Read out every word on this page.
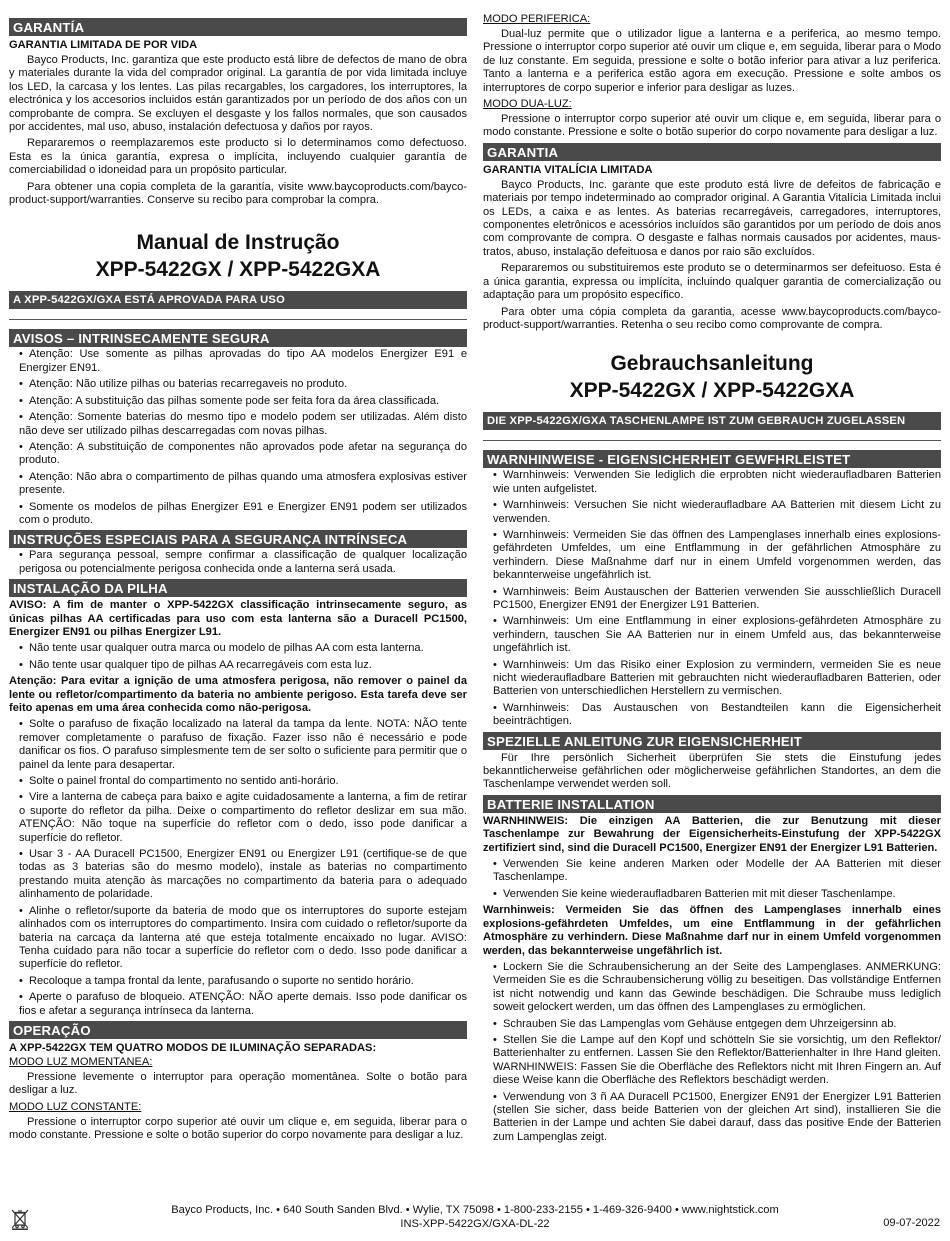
GARANTÍA
GARANTIA LIMITADA DE POR VIDA

Bayco Products, Inc. garantiza que este producto está libre de defectos de mano de obra y materiales durante la vida del comprador original. La garantía de por vida limitada incluye los LED, la carcasa y los lentes. Las pilas recargables, los cargadores, los interruptores, la electrónica y los accesorios incluidos están garantizados por un período de dos años con un comprobante de compra. Se excluyen el desgaste y los fallos normales, que son causados por accidentes, mal uso, abuso, instalación defectuosa y daños por rayos.

Repararemos o reemplazaremos este producto si lo determinamos como defectuoso. Esta es la única garantía, expresa o implícita, incluyendo cualquier garantía de comerciabilidad o idoneidad para un propósito particular.

Para obtener una copia completa de la garantía, visite www.baycoproducts.com/bayco-product-support/warranties. Conserve su recibo para comprobar la compra.

Manual de Instrução
XPP-5422GX / XPP-5422GXA
A XPP-5422GX/GXA ESTÁ APROVADA PARA USO
AVISOS – INTRINSECAMENTE SEGURA
• Atenção: Use somente as pilhas aprovadas do tipo AA modelos Energizer E91 e Energizer EN91.
• Atenção: Não utilize pilhas ou baterias recarregaveis no produto.
• Atenção: A substituição das pilhas somente pode ser feita fora da área classificada.
• Atenção: Somente baterias do mesmo tipo e modelo podem ser utilizadas. Além disto não deve ser utilizado pilhas descarregadas com novas pilhas.
• Atenção: A substituição de componentes não aprovados pode afetar na segurança do produto.
• Atenção: Não abra o compartimento de pilhas quando uma atmosfera explosivas estiver presente.
• Somente os modelos de pilhas Energizer E91 e Energizer EN91 podem ser utilizados com o produto.
INSTRUÇÕES ESPECIAIS PARA A SEGURANÇA INTRÍNSECA
• Para segurança pessoal, sempre confirmar a classificação de qualquer localização perigosa ou potencialmente perigosa conhecida onde a lanterna será usada.
INSTALAÇÃO DA PILHA

AVISO: A fim de manter o XPP-5422GX classificação intrinsecamente seguro, as únicas pilhas AA certificadas para uso com esta lanterna são a Duracell PC1500, Energizer EN91 ou pilhas Energizer L91.

• Não tente usar qualquer outra marca ou modelo de pilhas AA com esta lanterna.
• Não tente usar qualquer tipo de pilhas AA recarregáveis com esta luz.

Atenção: Para evitar a ignição de uma atmosfera perigosa, não remover o painel da lente ou refletor/compartimento da bateria no ambiente perigoso. Esta tarefa deve ser feito apenas em uma área conhecida como não-perigosa.

• Solte o parafuso de fixação localizado na lateral da tampa da lente. NOTA: NÃO tente remover completamente o parafuso de fixação. Fazer isso não é necessário e pode danificar os fios. O parafuso simplesmente tem de ser solto o suficiente para permitir que o painel da lente para desapertar.
• Solte o painel frontal do compartimento no sentido anti-horário.
• Vire a lanterna de cabeça para baixo e agite cuidadosamente a lanterna, a fim de retirar o suporte do refletor da pilha. Deixe o compartimento do refletor deslizar em sua mão. ATENÇÃO: Não toque na superfície do refletor com o dedo, isso pode danificar a superfície do refletor.
• Usar 3 - AA Duracell PC1500, Energizer EN91 ou Energizer L91 (certifique-se de que todas as 3 baterias são do mesmo modelo), instale as baterias no compartimento prestando muita atenção às marcações no compartimento da bateria para o adequado alinhamento de polaridade.
• Alinhe o refletor/suporte da bateria de modo que os interruptores do suporte estejam alinhados com os interruptores do compartimento. Insira com cuidado o refletor/suporte da bateria na carcaça da lanterna até que esteja totalmente encaixado no lugar. AVISO: Tenha cuidado para não tocar a superfície do refletor com o dedo. Isso pode danificar a superfície do refletor.
• Recoloque a tampa frontal da lente, parafusando o suporte no sentido horário.
• Aperte o parafuso de bloqueio. ATENÇÃO: NÃO aperte demais. Isso pode danificar os fios e afetar a segurança intrínseca da lanterna.
OPERAÇÃO
A XPP-5422GX TEM QUATRO MODOS DE ILUMINAÇÃO SEPARADAS:
MODO LUZ MOMENTANEA:

Pressione levemente o interruptor para operação momentânea. Solte o botão para desligar a luz.

MODO LUZ CONSTANTE:

Pressione o interruptor corpo superior até ouvir um clique e, em seguida, liberar para o modo constante. Pressione e solte o botão superior do corpo novamente para desligar a luz.

MODO PERIFERICA:

Dual-luz permite que o utilizador ligue a lanterna e a periferica, ao mesmo tempo. Pressione o interruptor corpo superior até ouvir um clique e, em seguida, liberar para o Modo de luz constante. Em seguida, pressione e solte o botão inferior para ativar a luz periferica. Tanto a lanterna e a periferica estão agora em execução. Pressione e solte ambos os interruptores de corpo superior e inferior para desligar as luzes.

MODO DUA-LUZ:

Pressione o interruptor corpo superior até ouvir um clique e, em seguida, liberar para o modo constante. Pressione e solte o botão superior do corpo novamente para desligar a luz.

GARANTIA
GARANTIA VITALÍCIA LIMITADA

Bayco Products, Inc. garante que este produto está livre de defeitos de fabricação e materiais por tempo indeterminado ao comprador original. A Garantia Vitalícia Limitada inclui os LEDs, a caixa e as lentes. As baterias recarregáveis, carregadores, interruptores, componentes eletrônicos e acessórios incluídos são garantidos por um período de dois anos com comprovante de compra. O desgaste e falhas normais causados por acidentes, maus-tratos, abuso, instalação defeituosa e danos por raio são excluídos.

Repararemos ou substituiremos este produto se o determinarmos ser defeituoso. Esta é a única garantia, expressa ou implícita, incluindo qualquer garantia de comercialização ou adaptação para um propósito específico.

Para obter uma cópia completa da garantia, acesse www.baycoproducts.com/bayco-product-support/warranties. Retenha o seu recibo como comprovante de compra.

Gebrauchsanleitung
XPP-5422GX / XPP-5422GXA
DIE XPP-5422GX/GXA TASCHENLAMPE IST ZUM GEBRAUCH ZUGELASSEN
WARNHINWEISE - EIGENSICHERHEIT GEWFHRLEISTET
• Warnhinweis: Verwenden Sie lediglich die erprobten nicht wiederaufladbaren Batterien wie unten aufgelistet.
• Warnhinweis: Versuchen Sie nicht wiederaufladbare AA Batterien mit diesem Licht zu verwenden.
• Warnhinweis: Vermeiden Sie das öffnen des Lampenglases innerhalb eines explosions-gefährdeten Umfeldes, um eine Entflammung in der gefährlichen Atmosphäre zu verhindern. Diese Maßnahme darf nur in einem Umfeld vorgenommen werden, das bekannterweise ungefährlich ist.
• Warnhinweis: Beim Austauschen der Batterien verwenden Sie ausschließlich Duracell PC1500, Energizer EN91 der Energizer L91 Batterien.
• Warnhinweis: Um eine Entflammung in einer explosions-gefährdeten Atmosphäre zu verhindern, tauschen Sie AA Batterien nur in einem Umfeld aus, das bekannterweise ungefährlich ist.
• Warnhinweis: Um das Risiko einer Explosion zu vermindern, vermeiden Sie es neue nicht wiederaufladbare Batterien mit gebrauchten nicht wiederaufladbaren Batterien, oder Batterien von unterschiedlichen Herstellern zu vermischen.
• Warnhinweis: Das Austauschen von Bestandteilen kann die Eigensicherheit beeinträchtigen.
SPEZIELLE ANLEITUNG ZUR EIGENSICHERHEIT

Für Ihre persönlich Sicherheit überprüfen Sie stets die Einstufung jedes bekanntlicherweise gefährlichen oder möglicherweise gefährlichen Standortes, an dem die Taschenlampe verwendet werden soll.

BATTERIE INSTALLATION

WARNHINWEIS: Die einzigen AA Batterien, die zur Benutzung mit dieser Taschenlampe zur Bewahrung der Eigensicherheits-Einstufung der XPP-5422GX zertifiziert sind, sind die Duracell PC1500, Energizer EN91 der Energizer L91 Batterien.

• Verwenden Sie keine anderen Marken oder Modelle der AA Batterien mit dieser Taschenlampe.
• Verwenden Sie keine wiederaufladbaren Batterien mit mit dieser Taschenlampe.

Warnhinweis: Vermeiden Sie das öffnen des Lampenglases innerhalb eines explosions-gefährdeten Umfeldes, um eine Entflammung in der gefährlichen Atmosphäre zu verhindern. Diese Maßnahme darf nur in einem Umfeld vorgenommen werden, das bekannterweise ungefährlich ist.

• Lockern Sie die Schraubensicherung an der Seite des Lampenglases. ANMERKUNG: Vermeiden Sie es die Schraubensicherung völlig zu beseitigen. Das vollständige Entfernen ist nicht notwendig und kann das Gewinde beschädigen. Die Schraube muss lediglich soweit gelockert werden, um das öffnen des Lampenglases zu ermöglichen.
• Schrauben Sie das Lampenglas vom Gehäuse entgegen dem Uhrzeigersinn ab.
• Stellen Sie die Lampe auf den Kopf und schötteln Sie sie vorsichtig, um den Reflektor/ Batterienhalter zu entfernen. Lassen Sie den Reflektor/Batterienhalter in Ihre Hand gleiten. WARNHINWEIS: Fassen Sie die Oberfläche des Reflektors nicht mit Ihren Fingern an. Auf diese Weise kann die Oberfläche des Reflektors beschädigt werden.
• Verwendung von 3 ñ AA Duracell PC1500, Energizer EN91 der Energizer L91 Batterien (stellen Sie sicher, dass beide Batterien von der gleichen Art sind), installieren Sie die Batterien in der Lampe und achten Sie dabei darauf, dass das positive Ende der Batterien zum Lampenglas zeigt.
Bayco Products, Inc. • 640 South Sanden Blvd. • Wylie, TX 75098 • 1-800-233-2155 • 1-469-326-9400 • www.nightstick.com
INS-XPP-5422GX/GXA-DL-22	09-07-2022
